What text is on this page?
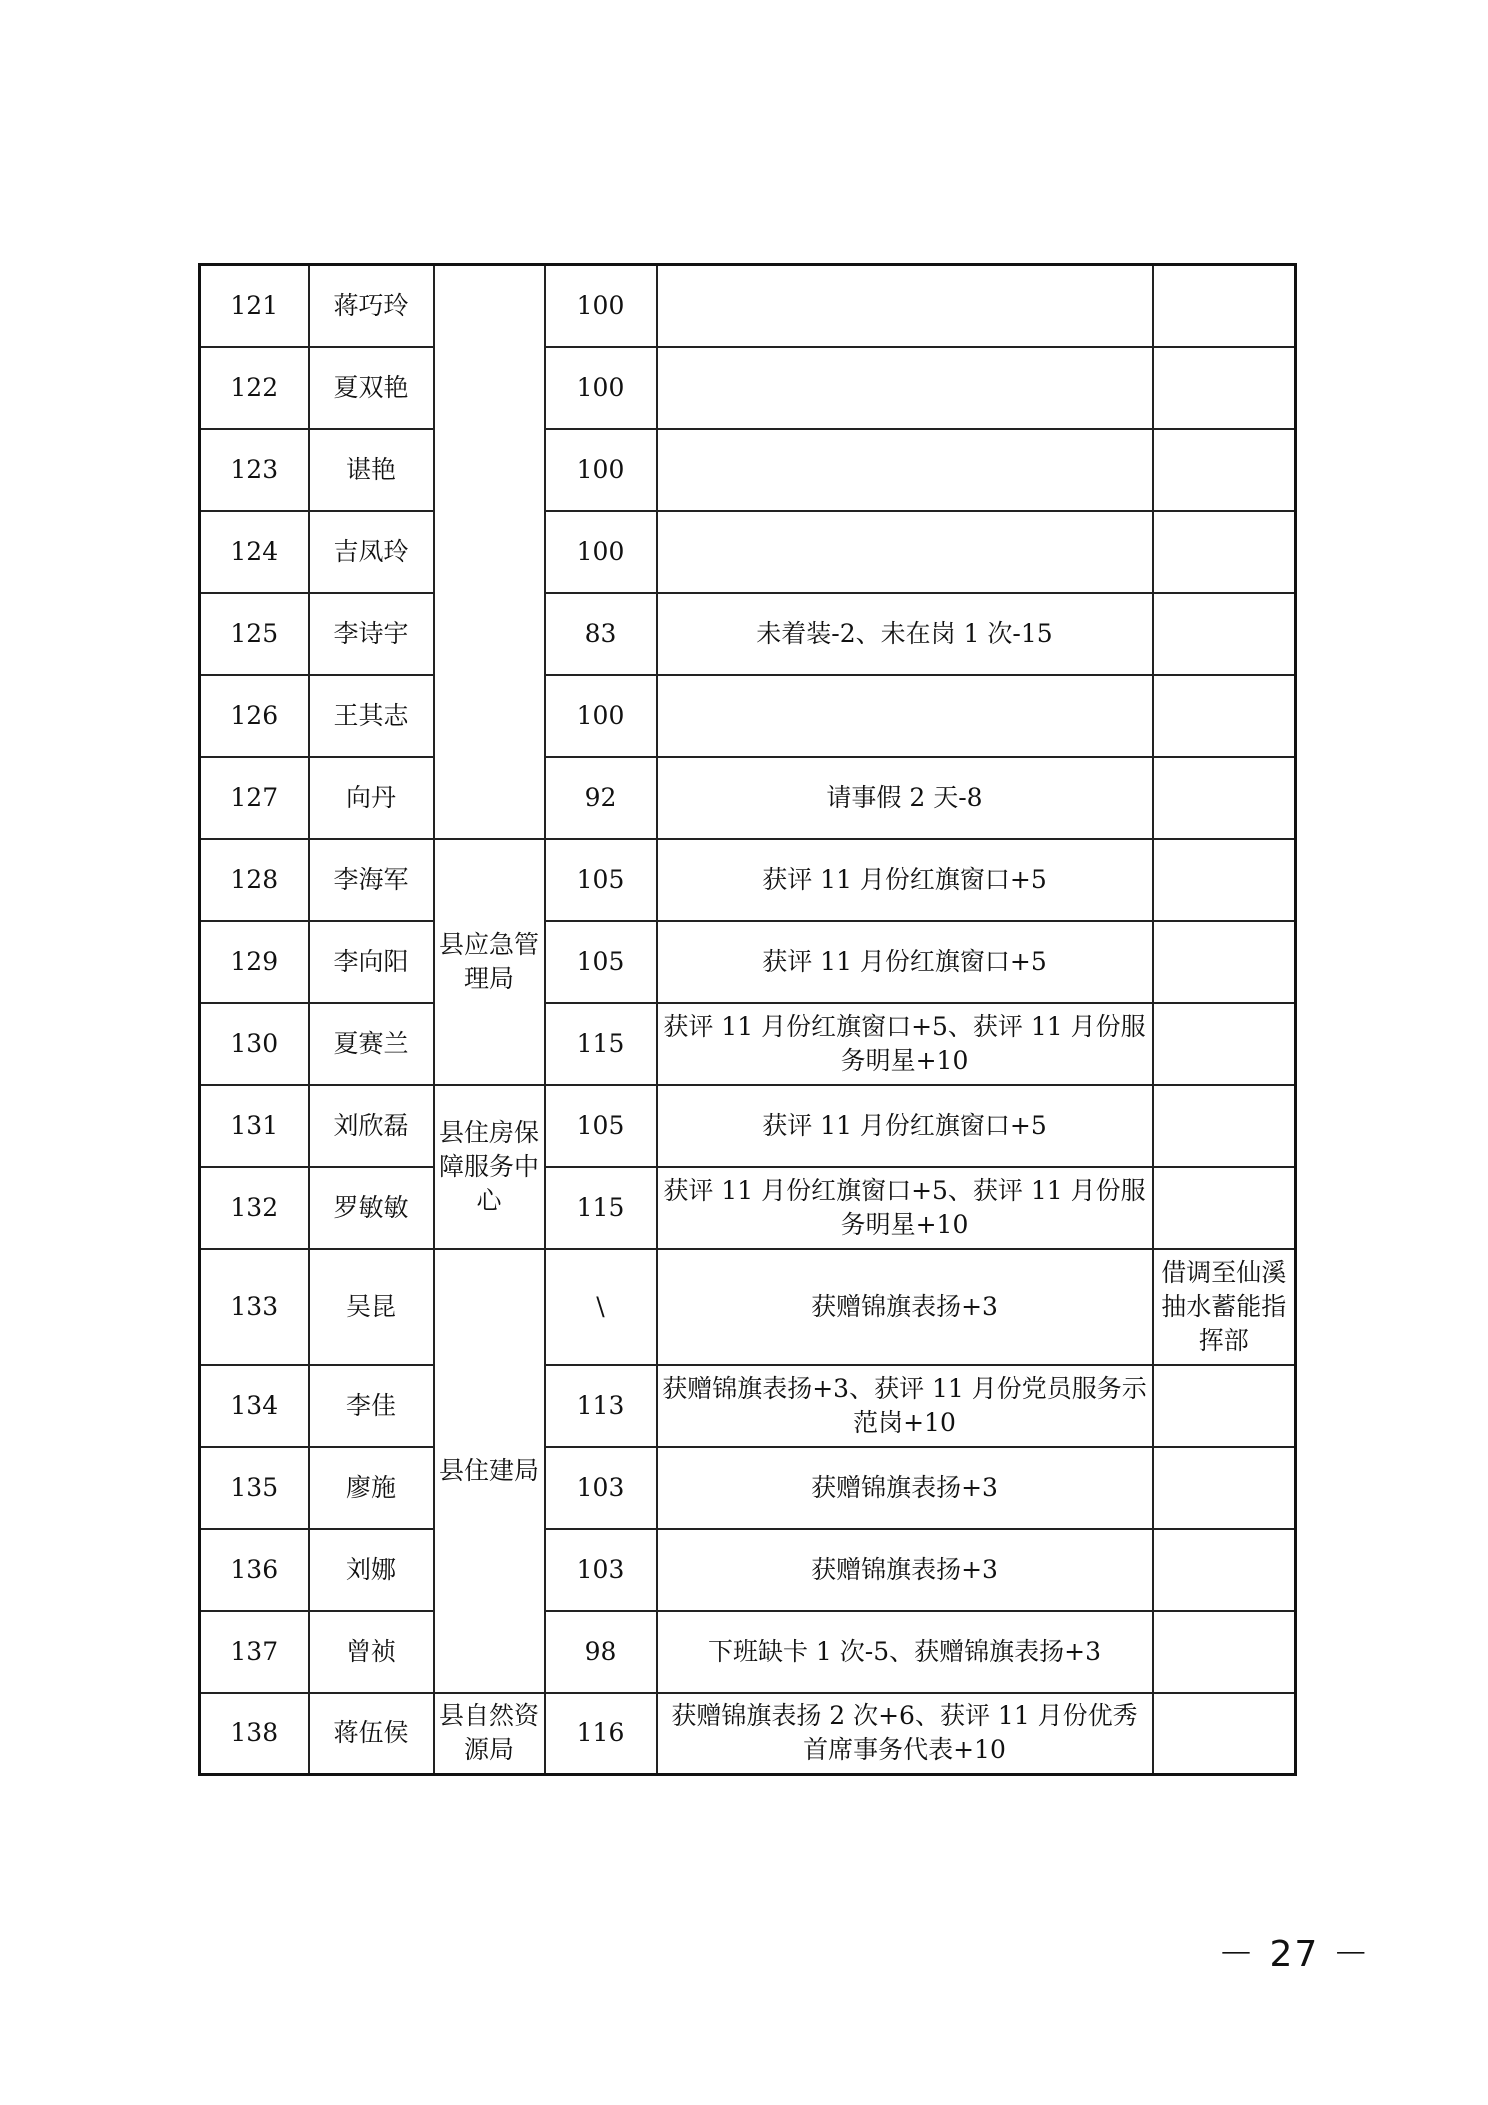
121	蒋巧玲		100		
122	夏双艳		100		
123	谌艳		100		
124	吉凤玲		100		
125	李诗宇		83	未着装-2、未在岗 1 次-15	
126	王其志		100		
127	向丹		92	请事假 2 天-8	
128	李海军	县应急管理局	105	获评 11 月份红旗窗口+5	
129	李向阳		105	获评 11 月份红旗窗口+5	
130	夏赛兰		115	获评 11 月份红旗窗口+5、获评 11 月份服务明星+10	
131	刘欣磊	县住房保障服务中心	105	获评 11 月份红旗窗口+5	
132	罗敏敏		115	获评 11 月份红旗窗口+5、获评 11 月份服务明星+10	
133	吴昆	县住建局	\	获赠锦旗表扬+3	借调至仙溪抽水蓄能指挥部
134	李佳		113	获赠锦旗表扬+3、获评 11 月份党员服务示范岗+10	
135	廖施		103	获赠锦旗表扬+3	
136	刘娜		103	获赠锦旗表扬+3	
137	曾祯		98	下班缺卡 1 次-5、获赠锦旗表扬+3	
138	蒋伍侯	县自然资源局	116	获赠锦旗表扬 2 次+6、获评 11 月份优秀首席事务代表+10	
－ 27 －
